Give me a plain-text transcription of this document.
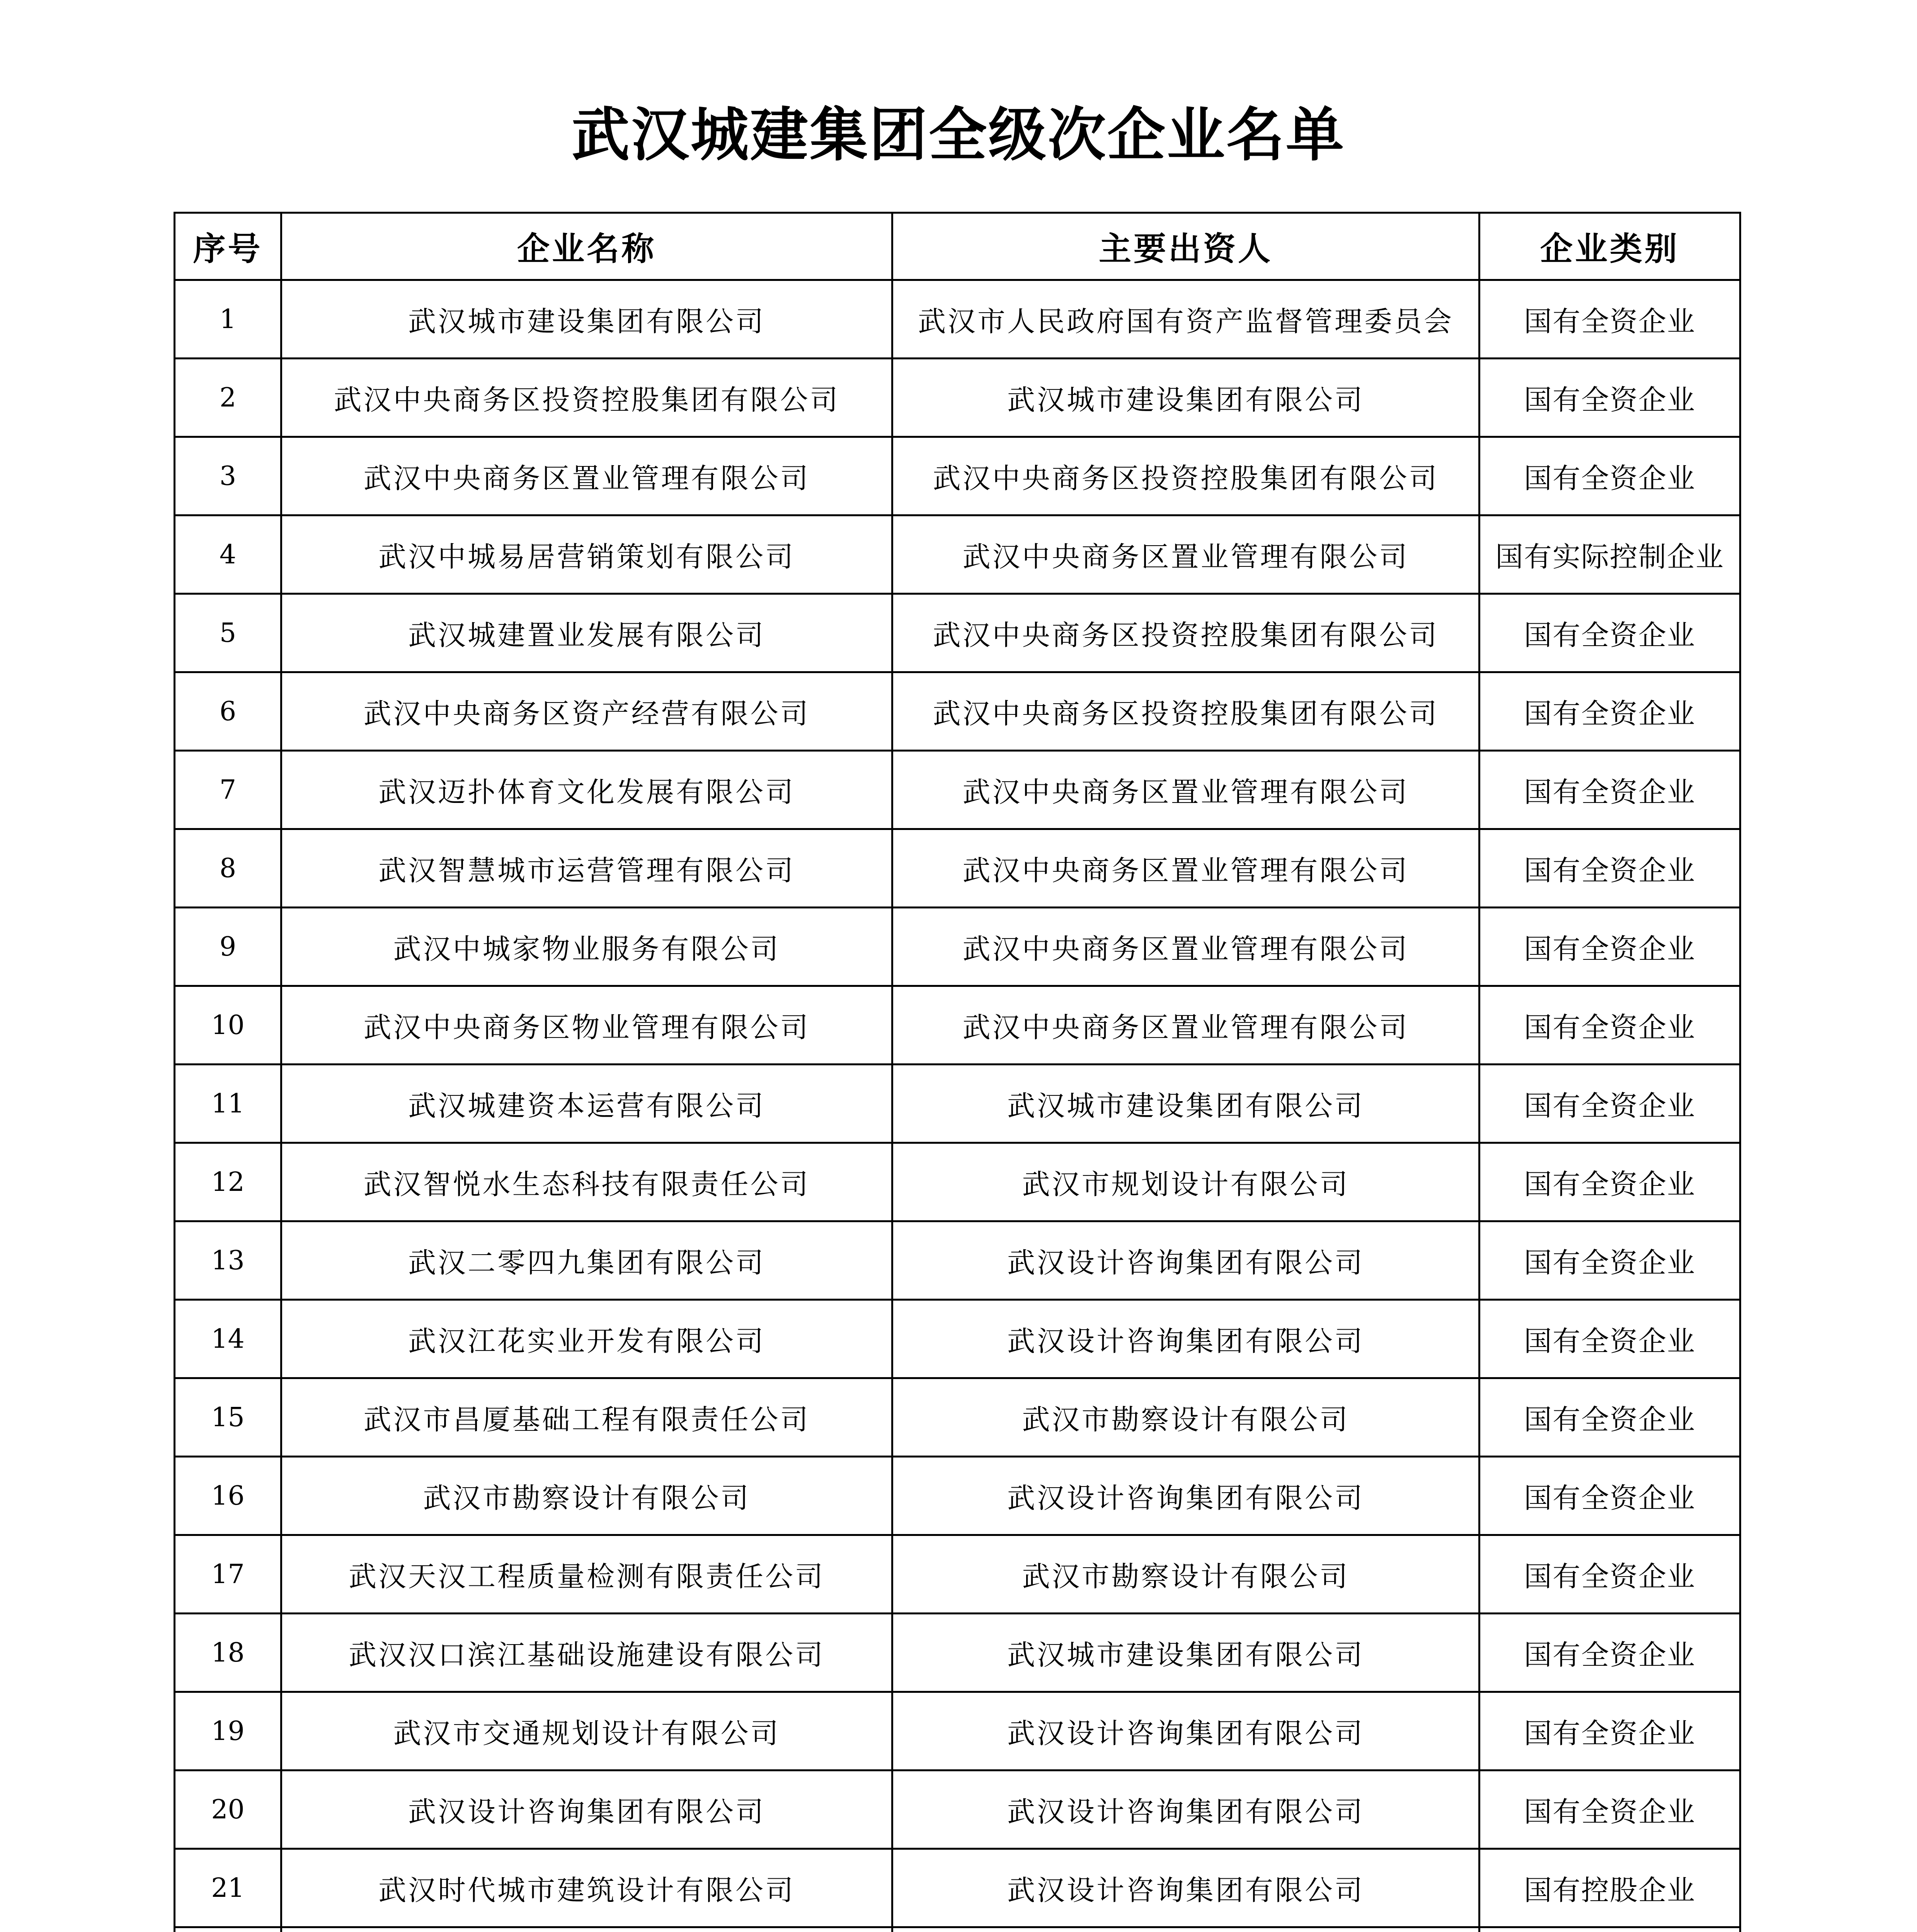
武汉城建集团全级次企业名单
序号	企业名称	主要出资人	企业类别
1	武汉城市建设集团有限公司	武汉市人民政府国有资产监督管理委员会	国有全资企业
2	武汉中央商务区投资控股集团有限公司	武汉城市建设集团有限公司	国有全资企业
3	武汉中央商务区置业管理有限公司	武汉中央商务区投资控股集团有限公司	国有全资企业
4	武汉中城易居营销策划有限公司	武汉中央商务区置业管理有限公司	国有实际控制企业
5	武汉城建置业发展有限公司	武汉中央商务区投资控股集团有限公司	国有全资企业
6	武汉中央商务区资产经营有限公司	武汉中央商务区投资控股集团有限公司	国有全资企业
7	武汉迈扑体育文化发展有限公司	武汉中央商务区置业管理有限公司	国有全资企业
8	武汉智慧城市运营管理有限公司	武汉中央商务区置业管理有限公司	国有全资企业
9	武汉中城家物业服务有限公司	武汉中央商务区置业管理有限公司	国有全资企业
10	武汉中央商务区物业管理有限公司	武汉中央商务区置业管理有限公司	国有全资企业
11	武汉城建资本运营有限公司	武汉城市建设集团有限公司	国有全资企业
12	武汉智悦水生态科技有限责任公司	武汉市规划设计有限公司	国有全资企业
13	武汉二零四九集团有限公司	武汉设计咨询集团有限公司	国有全资企业
14	武汉江花实业开发有限公司	武汉设计咨询集团有限公司	国有全资企业
15	武汉市昌厦基础工程有限责任公司	武汉市勘察设计有限公司	国有全资企业
16	武汉市勘察设计有限公司	武汉设计咨询集团有限公司	国有全资企业
17	武汉天汉工程质量检测有限责任公司	武汉市勘察设计有限公司	国有全资企业
18	武汉汉口滨江基础设施建设有限公司	武汉城市建设集团有限公司	国有全资企业
19	武汉市交通规划设计有限公司	武汉设计咨询集团有限公司	国有全资企业
20	武汉设计咨询集团有限公司	武汉设计咨询集团有限公司	国有全资企业
21	武汉时代城市建筑设计有限公司	武汉设计咨询集团有限公司	国有控股企业
